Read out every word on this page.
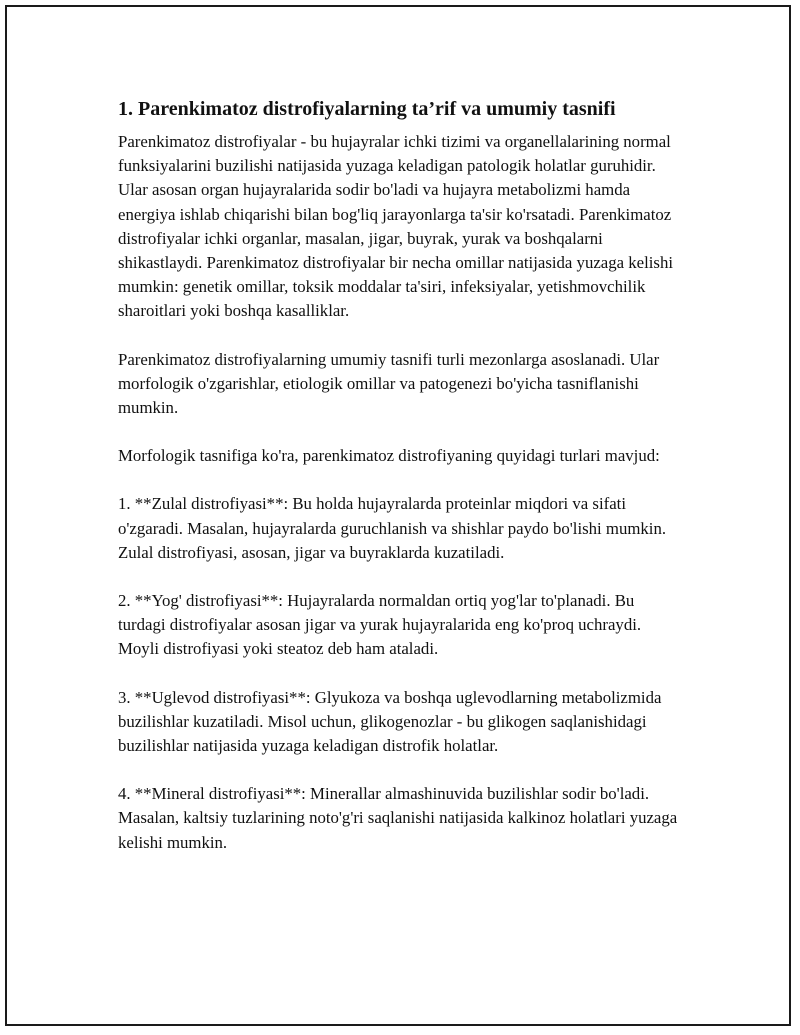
1. Parenkimatoz distrofiyalarning ta’rif va umumiy tasnifi

Parenkimatoz distrofiyalar - bu hujayralar ichki tizimi va organellalarining normal funksiyalarini buzilishi natijasida yuzaga keladigan patologik holatlar guruhidir. Ular asosan organ hujayralarida sodir bo'ladi va hujayra metabolizmi hamda energiya ishlab chiqarishi bilan bog'liq jarayonlarga ta'sir ko'rsatadi. Parenkimatoz distrofiyalar ichki organlar, masalan, jigar, buyrak, yurak va boshqalarni shikastlaydi. Parenkimatoz distrofiyalar bir necha omillar natijasida yuzaga kelishi mumkin: genetik omillar, toksik moddalar ta'siri, infeksiyalar, yetishmovchilik sharoitlari yoki boshqa kasalliklar.

Parenkimatoz distrofiyalarning umumiy tasnifi turli mezonlarga asoslanadi. Ular morfologik o'zgarishlar, etiologik omillar va patogenezi bo'yicha tasniflanishi mumkin.

Morfologik tasnifiga ko'ra, parenkimatoz distrofiyaning quyidagi turlari mavjud:

1. **Zulal distrofiyasi**: Bu holda hujayralarda proteinlar miqdori va sifati o'zgaradi. Masalan, hujayralarda guruchlanish va shishlar paydo bo'lishi mumkin. Zulal distrofiyasi, asosan, jigar va buyraklarda kuzatiladi.

2. **Yog' distrofiyasi**: Hujayralarda normaldan ortiq yog'lar to'planadi. Bu turdagi distrofiyalar asosan jigar va yurak hujayralarida eng ko'proq uchraydi. Moyli distrofiyasi yoki steatoz deb ham ataladi.

3. **Uglevod distrofiyasi**: Glyukoza va boshqa uglevodlarning metabolizmida buzilishlar kuzatiladi. Misol uchun, glikogenozlar - bu glikogen saqlanishidagi buzilishlar natijasida yuzaga keladigan distrofik holatlar.

4. **Mineral distrofiyasi**: Minerallar almashinuvida buzilishlar sodir bo'ladi. Masalan, kaltsiy tuzlarining noto'g'ri saqlanishi natijasida kalkinoz holatlari yuzaga kelishi mumkin.
